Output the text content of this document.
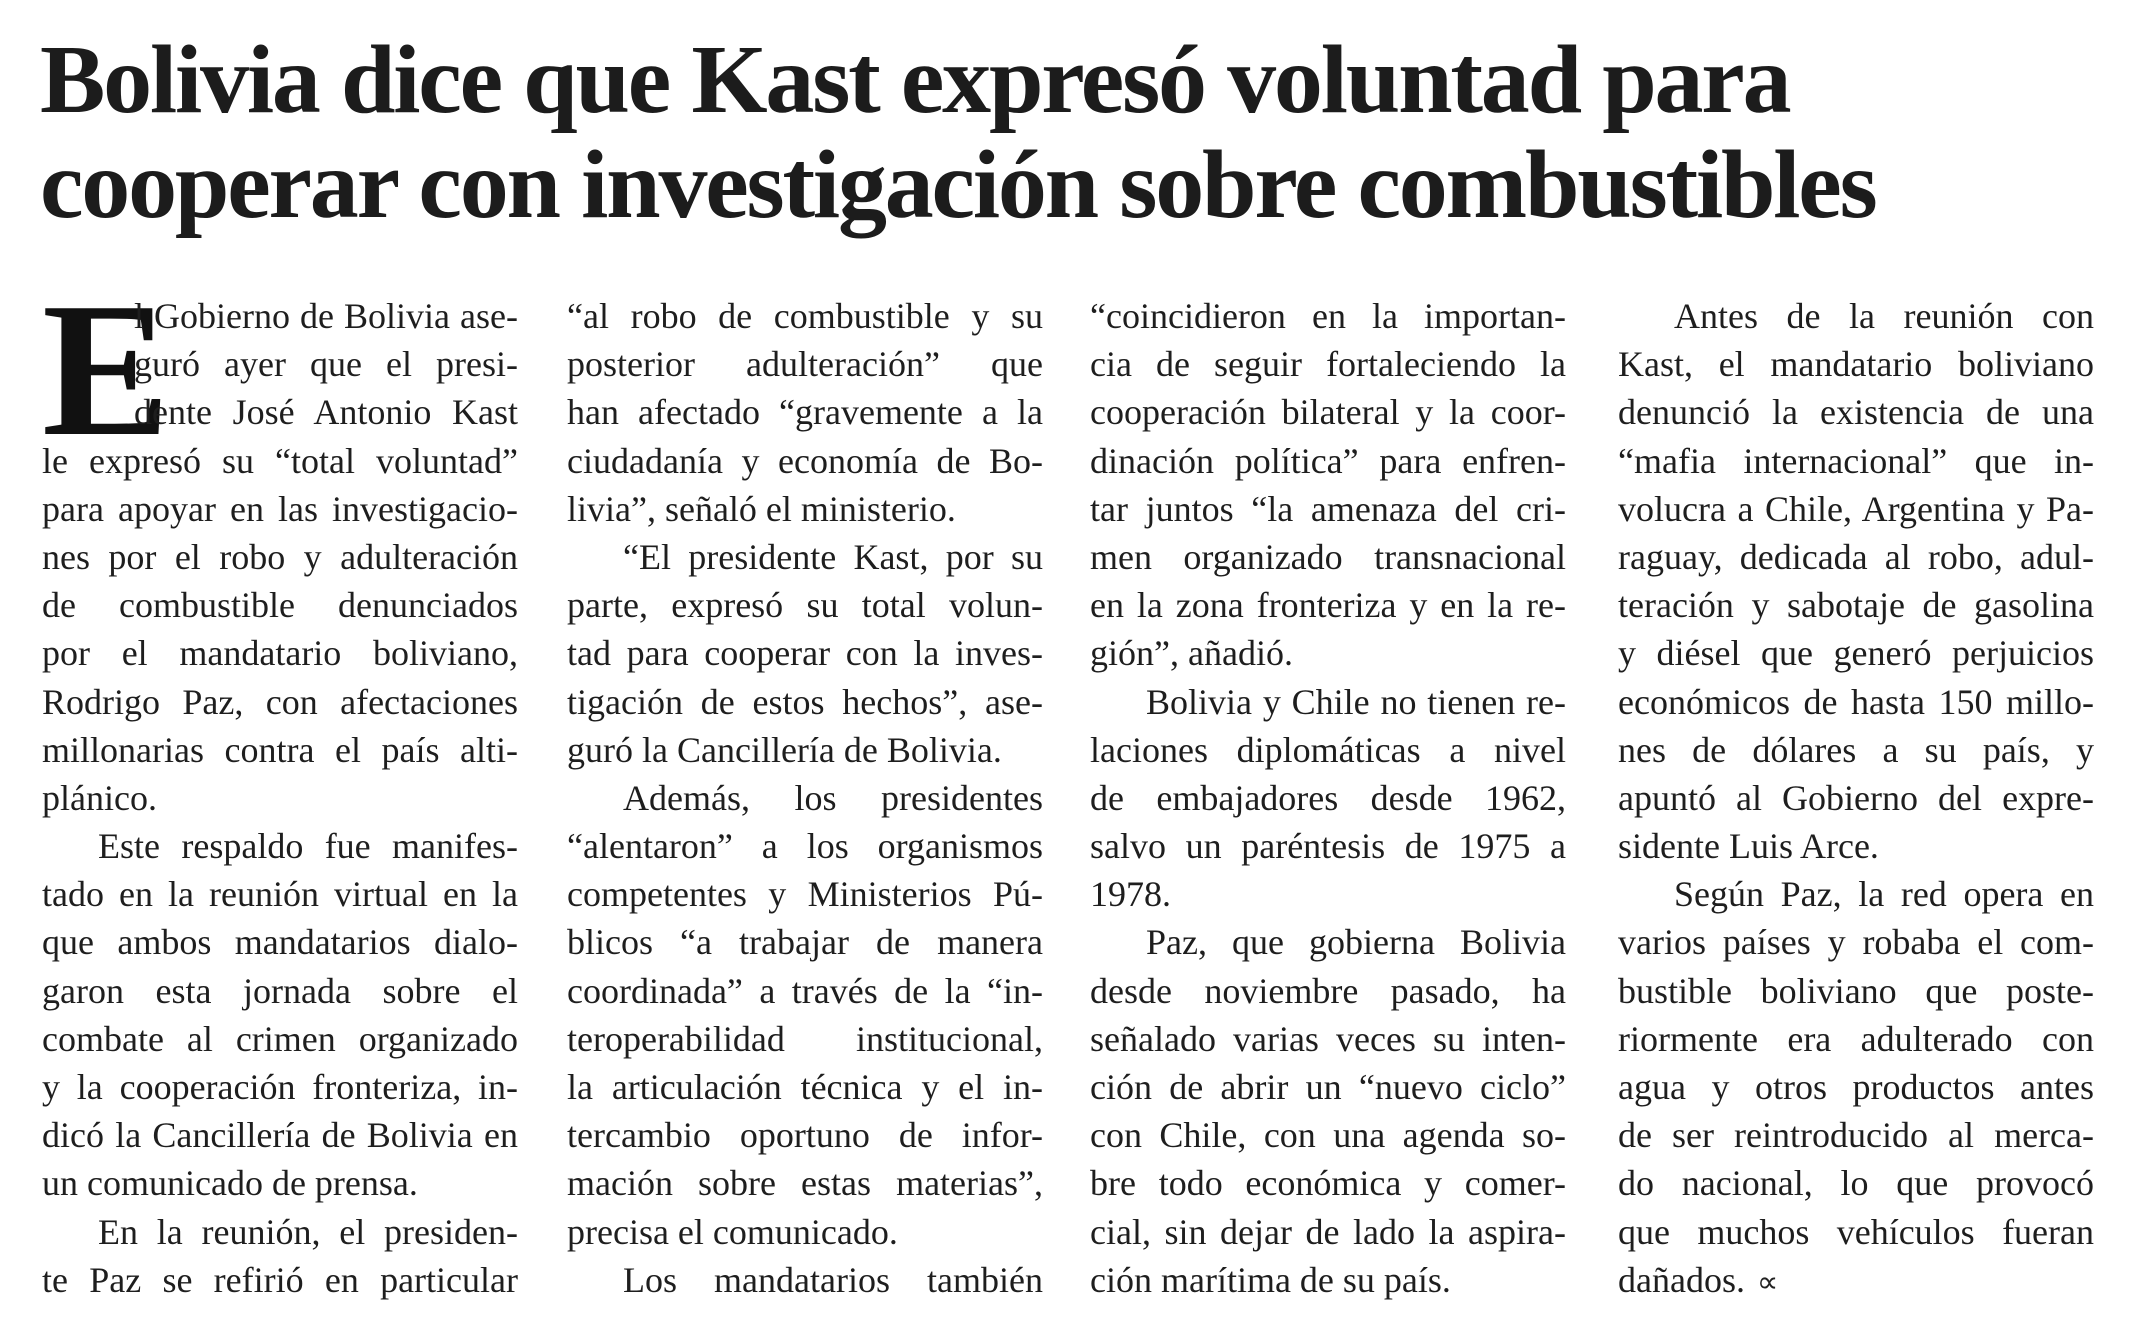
Bolivia dice que Kast expresó voluntad para
cooperar con investigación sobre combustibles
E
l Gobierno de Bolivia ase-
guró ayer que el presi-
dente José Antonio Kast
le expresó su “total voluntad”
para apoyar en las investigacio-
nes por el robo y adulteración
de combustible denunciados
por el mandatario boliviano,
Rodrigo Paz, con afectaciones
millonarias contra el país alti-
plánico.
Este respaldo fue manifes-
tado en la reunión virtual en la
que ambos mandatarios dialo-
garon esta jornada sobre el
combate al crimen organizado
y la cooperación fronteriza, in-
dicó la Cancillería de Bolivia en
un comunicado de prensa.
En la reunión, el presiden-
te Paz se refirió en particular
“al robo de combustible y su
posterior adulteración” que
han afectado “gravemente a la
ciudadanía y economía de Bo-
livia”, señaló el ministerio.
“El presidente Kast, por su
parte, expresó su total volun-
tad para cooperar con la inves-
tigación de estos hechos”, ase-
guró la Cancillería de Bolivia.
Además, los presidentes
“alentaron” a los organismos
competentes y Ministerios Pú-
blicos “a trabajar de manera
coordinada” a través de la “in-
teroperabilidad institucional,
la articulación técnica y el in-
tercambio oportuno de infor-
mación sobre estas materias”,
precisa el comunicado.
Los mandatarios también
“coincidieron en la importan-
cia de seguir fortaleciendo la
cooperación bilateral y la coor-
dinación política” para enfren-
tar juntos “la amenaza del cri-
men organizado transnacional
en la zona fronteriza y en la re-
gión”, añadió.
Bolivia y Chile no tienen re-
laciones diplomáticas a nivel
de embajadores desde 1962,
salvo un paréntesis de 1975 a
1978.
Paz, que gobierna Bolivia
desde noviembre pasado, ha
señalado varias veces su inten-
ción de abrir un “nuevo ciclo”
con Chile, con una agenda so-
bre todo económica y comer-
cial, sin dejar de lado la aspira-
ción marítima de su país.
Antes de la reunión con
Kast, el mandatario boliviano
denunció la existencia de una
“mafia internacional” que in-
volucra a Chile, Argentina y Pa-
raguay, dedicada al robo, adul-
teración y sabotaje de gasolina
y diésel que generó perjuicios
económicos de hasta 150 millo-
nes de dólares a su país, y
apuntó al Gobierno del expre-
sidente Luis Arce.
Según Paz, la red opera en
varios países y robaba el com-
bustible boliviano que poste-
riormente era adulterado con
agua y otros productos antes
de ser reintroducido al merca-
do nacional, lo que provocó
que muchos vehículos fueran
dañados. ∝
